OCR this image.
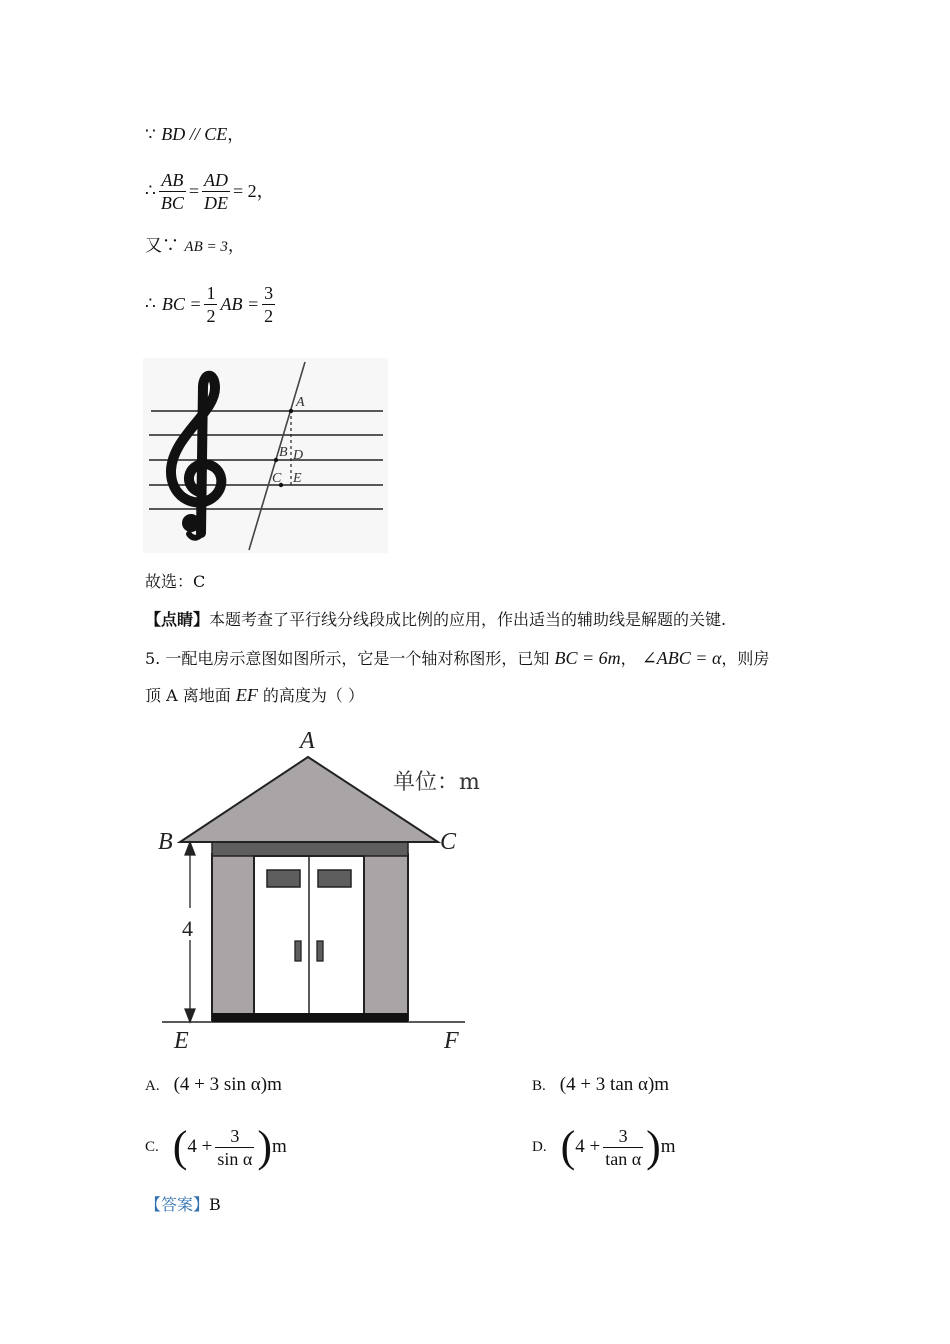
∵ BD // CE，
∴ $\frac{AB}{BC} = \frac{AD}{DE} = 2$，
又∵ AB = 3，
∴ BC = $\frac{1}{2}$ AB = $\frac{3}{2}$
A
B D
C E
故选：C
【点睛】本题考查了平行线分线段成比例的应用，作出适当的辅助线是解题的关键.
5. 一配电房示意图如图所示，它是一个轴对称图形，已知 BC = 6m， ∠ABC = α，则房
顶 A 离地面 EF 的高度为（ ）
4
A
B	C
E	F
单位：m
A. (4 + 3 sin α)m	B. (4 + 3 tan α)m
C. ( $4 + \frac{3}{\text{sin α}}$ ) m	D. ( $4 + \frac{3}{\text{tan α}}$ ) m
【答案】B
